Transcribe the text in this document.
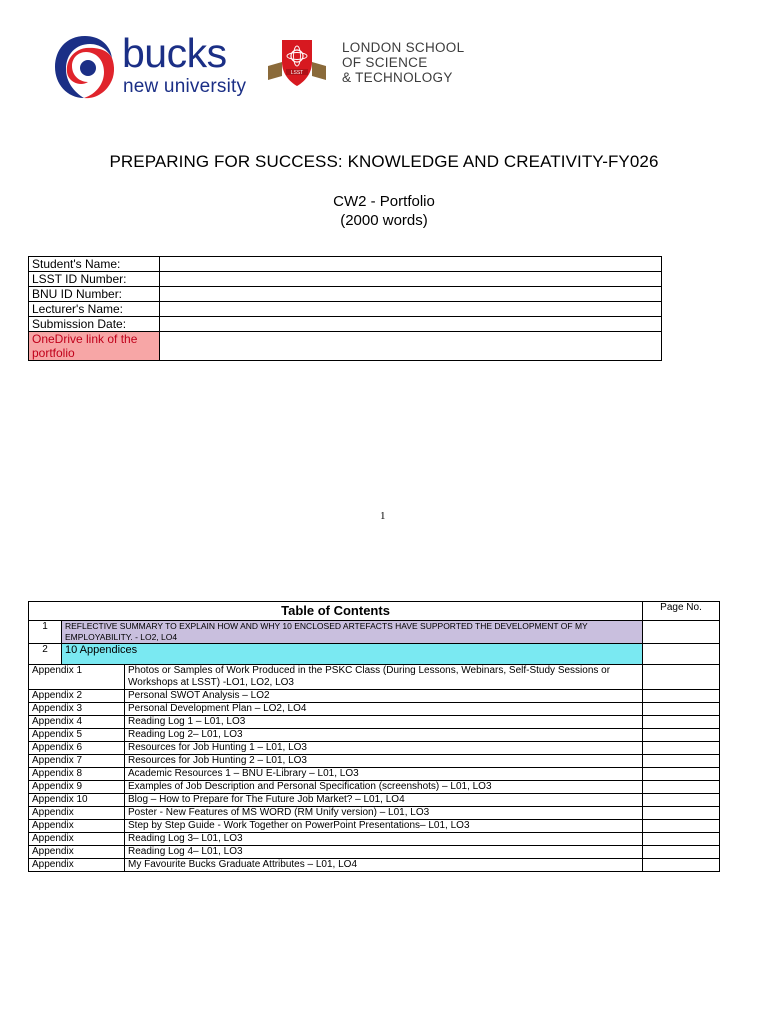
bucks
new university
LSST
LONDON SCHOOL
OF SCIENCE
& TECHNOLOGY
PREPARING FOR SUCCESS: KNOWLEDGE AND CREATIVITY-FY026
CW2 - Portfolio
(2000 words)
Student's Name:	
LSST ID Number:	
BNU ID Number:	
Lecturer's Name:	
Submission Date:	
OneDrive link of the portfolio	
1
Table of Contents			Page No.
1	REFLECTIVE SUMMARY TO EXPLAIN HOW AND WHY 10 ENCLOSED ARTEFACTS HAVE SUPPORTED THE DEVELOPMENT OF MY EMPLOYABILITY. - LO2, LO4		
2	10 Appendices		
Appendix 1		Photos or Samples of Work Produced in the PSKC Class (During Lessons, Webinars, Self-Study Sessions or Workshops at LSST) -LO1, LO2, LO3	
Appendix 2		Personal SWOT Analysis – LO2	
Appendix 3		Personal Development Plan – LO2, LO4	
Appendix 4		Reading Log 1 – L01, LO3	
Appendix 5		Reading Log 2– L01, LO3	
Appendix 6		Resources for Job Hunting 1 – L01, LO3	
Appendix 7		Resources for Job Hunting 2 – L01, LO3	
Appendix 8		Academic Resources 1 – BNU E-Library – L01, LO3	
Appendix 9		Examples of Job Description and Personal Specification (screenshots) – L01, LO3	
Appendix 10		Blog – How to Prepare for The Future Job Market? – L01, LO4	
Appendix		Poster - New Features of MS WORD (RM Unify version) – L01, LO3	
Appendix		Step by Step Guide - Work Together on PowerPoint Presentations– L01, LO3	
Appendix		Reading Log 3– L01, LO3	
Appendix		Reading Log 4– L01, LO3	
Appendix		My Favourite Bucks Graduate Attributes – L01, LO4	
